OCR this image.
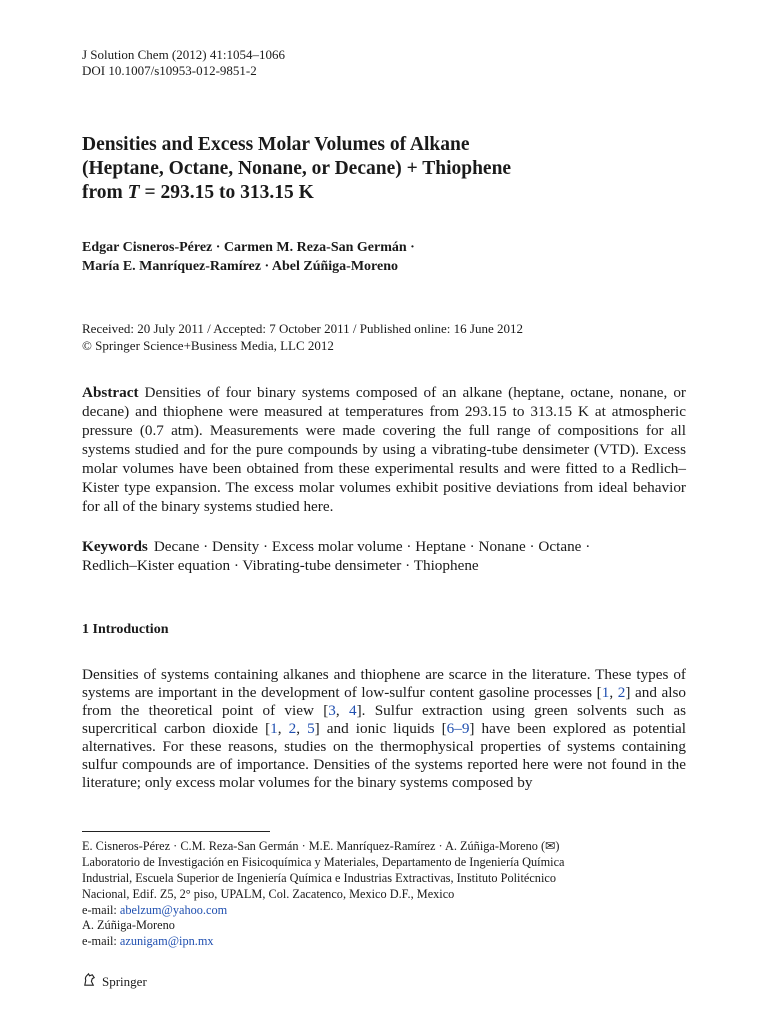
J Solution Chem (2012) 41:1054–1066
DOI 10.1007/s10953-012-9851-2
Densities and Excess Molar Volumes of Alkane
(Heptane, Octane, Nonane, or Decane) + Thiophene
from T = 293.15 to 313.15 K
Edgar Cisneros-Pérez · Carmen M. Reza-San Germán ·
María E. Manríquez-Ramírez · Abel Zúñiga-Moreno
Received: 20 July 2011 / Accepted: 7 October 2011 / Published online: 16 June 2012
© Springer Science+Business Media, LLC 2012
Abstract Densities of four binary systems composed of an alkane (heptane, octane, nonane, or decane) and thiophene were measured at temperatures from 293.15 to 313.15 K at atmospheric pressure (0.7 atm). Measurements were made covering the full range of compositions for all systems studied and for the pure compounds by using a vibrating-tube densimeter (VTD). Excess molar volumes have been obtained from these experimental results and were fitted to a Redlich–Kister type expansion. The excess molar volumes exhibit positive deviations from ideal behavior for all of the binary systems studied here.
Keywords Decane · Density · Excess molar volume · Heptane · Nonane · Octane ·
Redlich–Kister equation · Vibrating-tube densimeter · Thiophene
1 Introduction
Densities of systems containing alkanes and thiophene are scarce in the literature. These types of systems are important in the development of low-sulfur content gasoline processes [1, 2] and also from the theoretical point of view [3, 4]. Sulfur extraction using green solvents such as supercritical carbon dioxide [1, 2, 5] and ionic liquids [6–9] have been explored as potential alternatives. For these reasons, studies on the thermophysical properties of systems containing sulfur compounds are of importance. Densities of the systems reported here were not found in the literature; only excess molar volumes for the binary systems composed by
E. Cisneros-Pérez · C.M. Reza-San Germán · M.E. Manríquez-Ramírez · A. Zúñiga-Moreno (✉)
Laboratorio de Investigación en Fisicoquímica y Materiales, Departamento de Ingeniería Química
Industrial, Escuela Superior de Ingeniería Química e Industrias Extractivas, Instituto Politécnico
Nacional, Edif. Z5, 2° piso, UPALM, Col. Zacatenco, Mexico D.F., Mexico
e-mail: abelzum@yahoo.com
A. Zúñiga-Moreno
e-mail: azunigam@ipn.mx
Springer
